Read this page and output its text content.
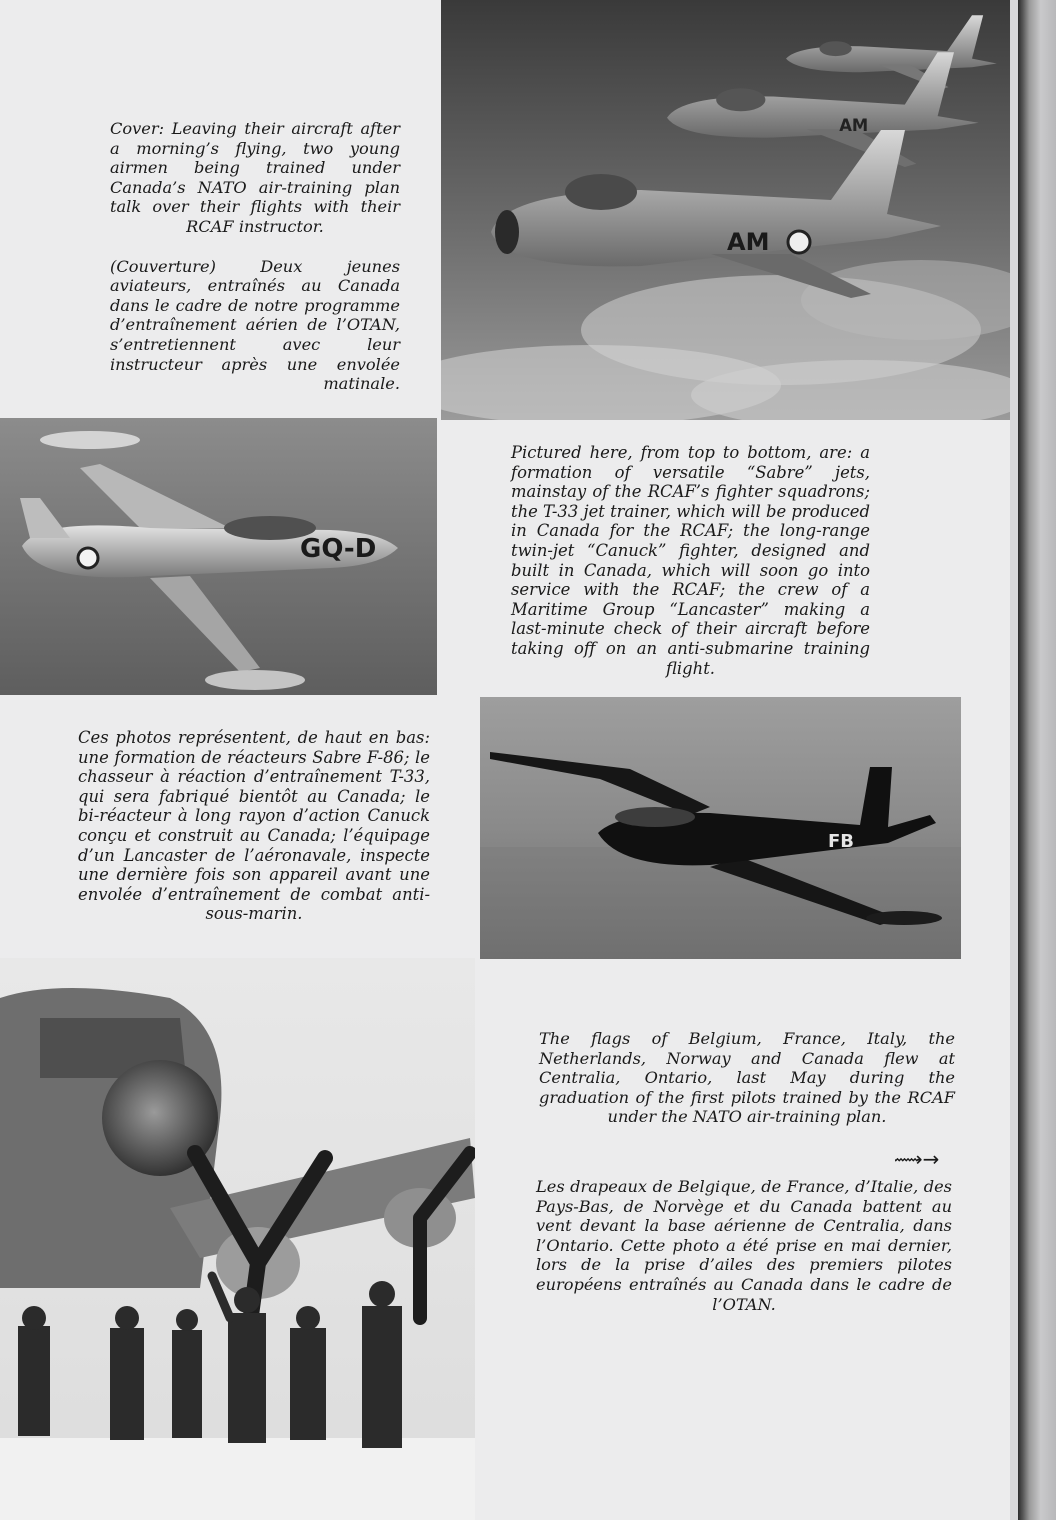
AM
AM

Cover: Leaving their aircraft after a morning’s flying, two young airmen being trained under Canada’s NATO air-training plan talk over their flights with their RCAF instructor.

(Couverture) Deux jeunes aviateurs, entraînés au Canada dans le cadre de notre programme d’entraînement aérien de l’OTAN, s’entretiennent avec leur instructeur après une envolée matinale.

GQ-D
Pictured here, from top to bottom, are: a formation of versatile “Sabre” jets, mainstay of the RCAF’s fighter squadrons; the T-33 jet trainer, which will be produced in Canada for the RCAF; the long-range twin-jet “Canuck” fighter, designed and built in Canada, which will soon go into service with the RCAF; the crew of a Maritime Group “Lancaster” making a last-minute check of their aircraft before taking off on an anti-submarine training flight.
Ces photos représentent, de haut en bas: une formation de réacteurs Sabre F-86; le chasseur à réaction d’entraînement T-33, qui sera fabriqué bientôt au Canada; le bi-réacteur à long rayon d’action Canuck conçu et construit au Canada; l’équipage d’un Lancaster de l’aéronavale, inspecte une dernière fois son appareil avant une envolée d’entraînement de combat anti-sous-marin.
FB
The flags of Belgium, France, Italy, the Netherlands, Norway and Canada flew at Centralia, Ontario, last May during the graduation of the first pilots trained by the RCAF under the NATO air-training plan.
⟿→
Les drapeaux de Belgique, de France, d’Italie, des Pays-Bas, de Norvège et du Canada battent au vent devant la base aérienne de Centralia, dans l’Ontario. Cette photo a été prise en mai dernier, lors de la prise d’ailes des premiers pilotes européens entraînés au Canada dans le cadre de l’OTAN.
